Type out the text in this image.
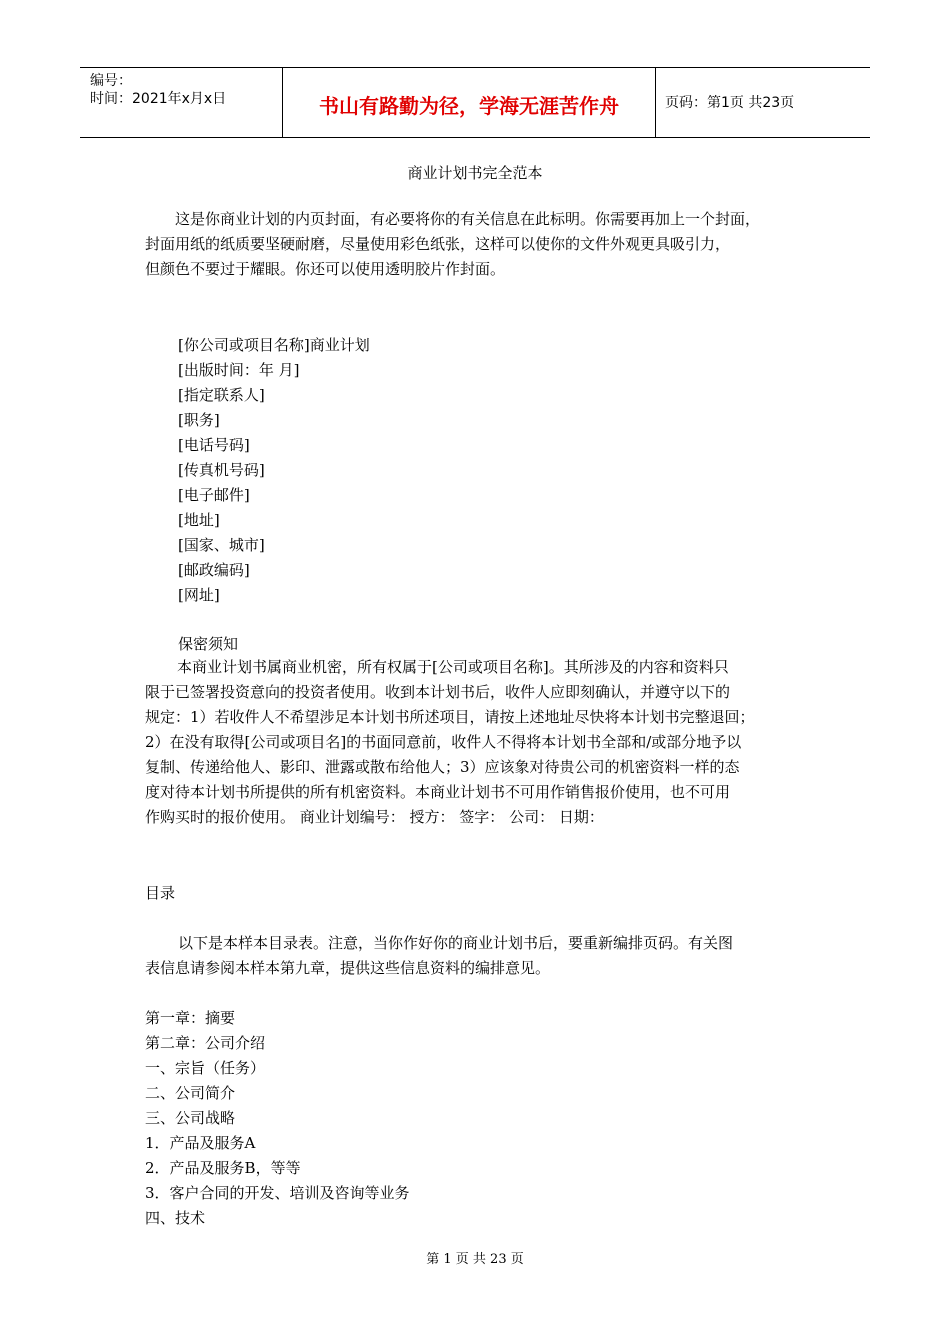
编号：
时间：2021年x月x日	书山有路勤为径，学海无涯苦作舟	页码：第1页 共23页
商业计划书完全范本
这是你商业计划的内页封面，有必要将你的有关信息在此标明。你需要再加上一个封面，
封面用纸的纸质要坚硬耐磨，尽量使用彩色纸张，这样可以使你的文件外观更具吸引力，
但颜色不要过于耀眼。你还可以使用透明胶片作封面。
[你公司或项目名称]商业计划
[出版时间：年 月]
[指定联系人]
[职务]
[电话号码]
[传真机号码]
[电子邮件]
[地址]
[国家、城市]
[邮政编码]
[网址]
保密须知
本商业计划书属商业机密，所有权属于[公司或项目名称]。其所涉及的内容和资料只
限于已签署投资意向的投资者使用。收到本计划书后，收件人应即刻确认，并遵守以下的
规定：1）若收件人不希望涉足本计划书所述项目，请按上述地址尽快将本计划书完整退回；
2）在没有取得[公司或项目名]的书面同意前，收件人不得将本计划书全部和/或部分地予以
复制、传递给他人、影印、泄露或散布给他人；3）应该象对待贵公司的机密资料一样的态
度对待本计划书所提供的所有机密资料。本商业计划书不可用作销售报价使用，也不可用
作购买时的报价使用。 商业计划编号： 授方： 签字： 公司： 日期：
目录
以下是本样本目录表。注意，当你作好你的商业计划书后，要重新编排页码。有关图
表信息请参阅本样本第九章，提供这些信息资料的编排意见。
第一章：摘要
第二章：公司介绍
一、宗旨（任务）
二、公司简介
三、公司战略
1．产品及服务A
2．产品及服务B，等等
3．客户合同的开发、培训及咨询等业务
四、技术
第 1 页 共 23 页
